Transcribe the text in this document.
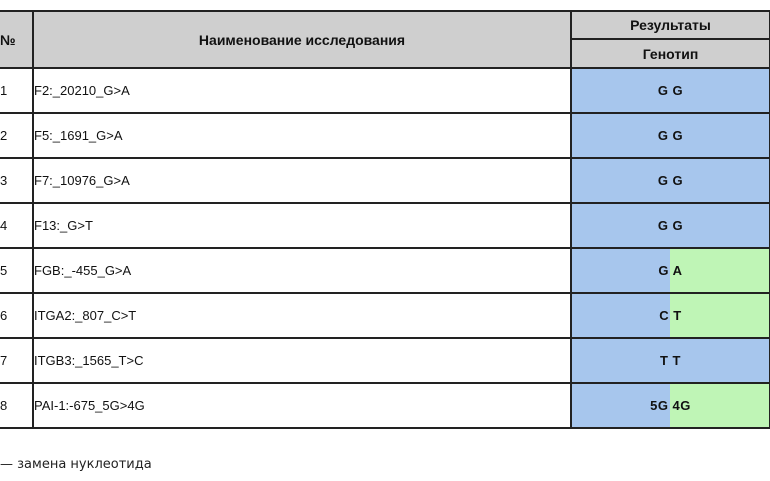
№	Наименование исследования	Результаты
		Генотип
1	F2:_20210_G>A	G G

2	F5:_1691_G>A	G G

3	F7:_10976_G>A	G G

4	F13:_G>T	G G

5	FGB:_-455_G>A	G A

6	ITGA2:_807_C>T	C T

7	ITGB3:_1565_T>C	T T

8	PAI-1:-675_5G>4G	5G 4G
— замена нуклеотида
